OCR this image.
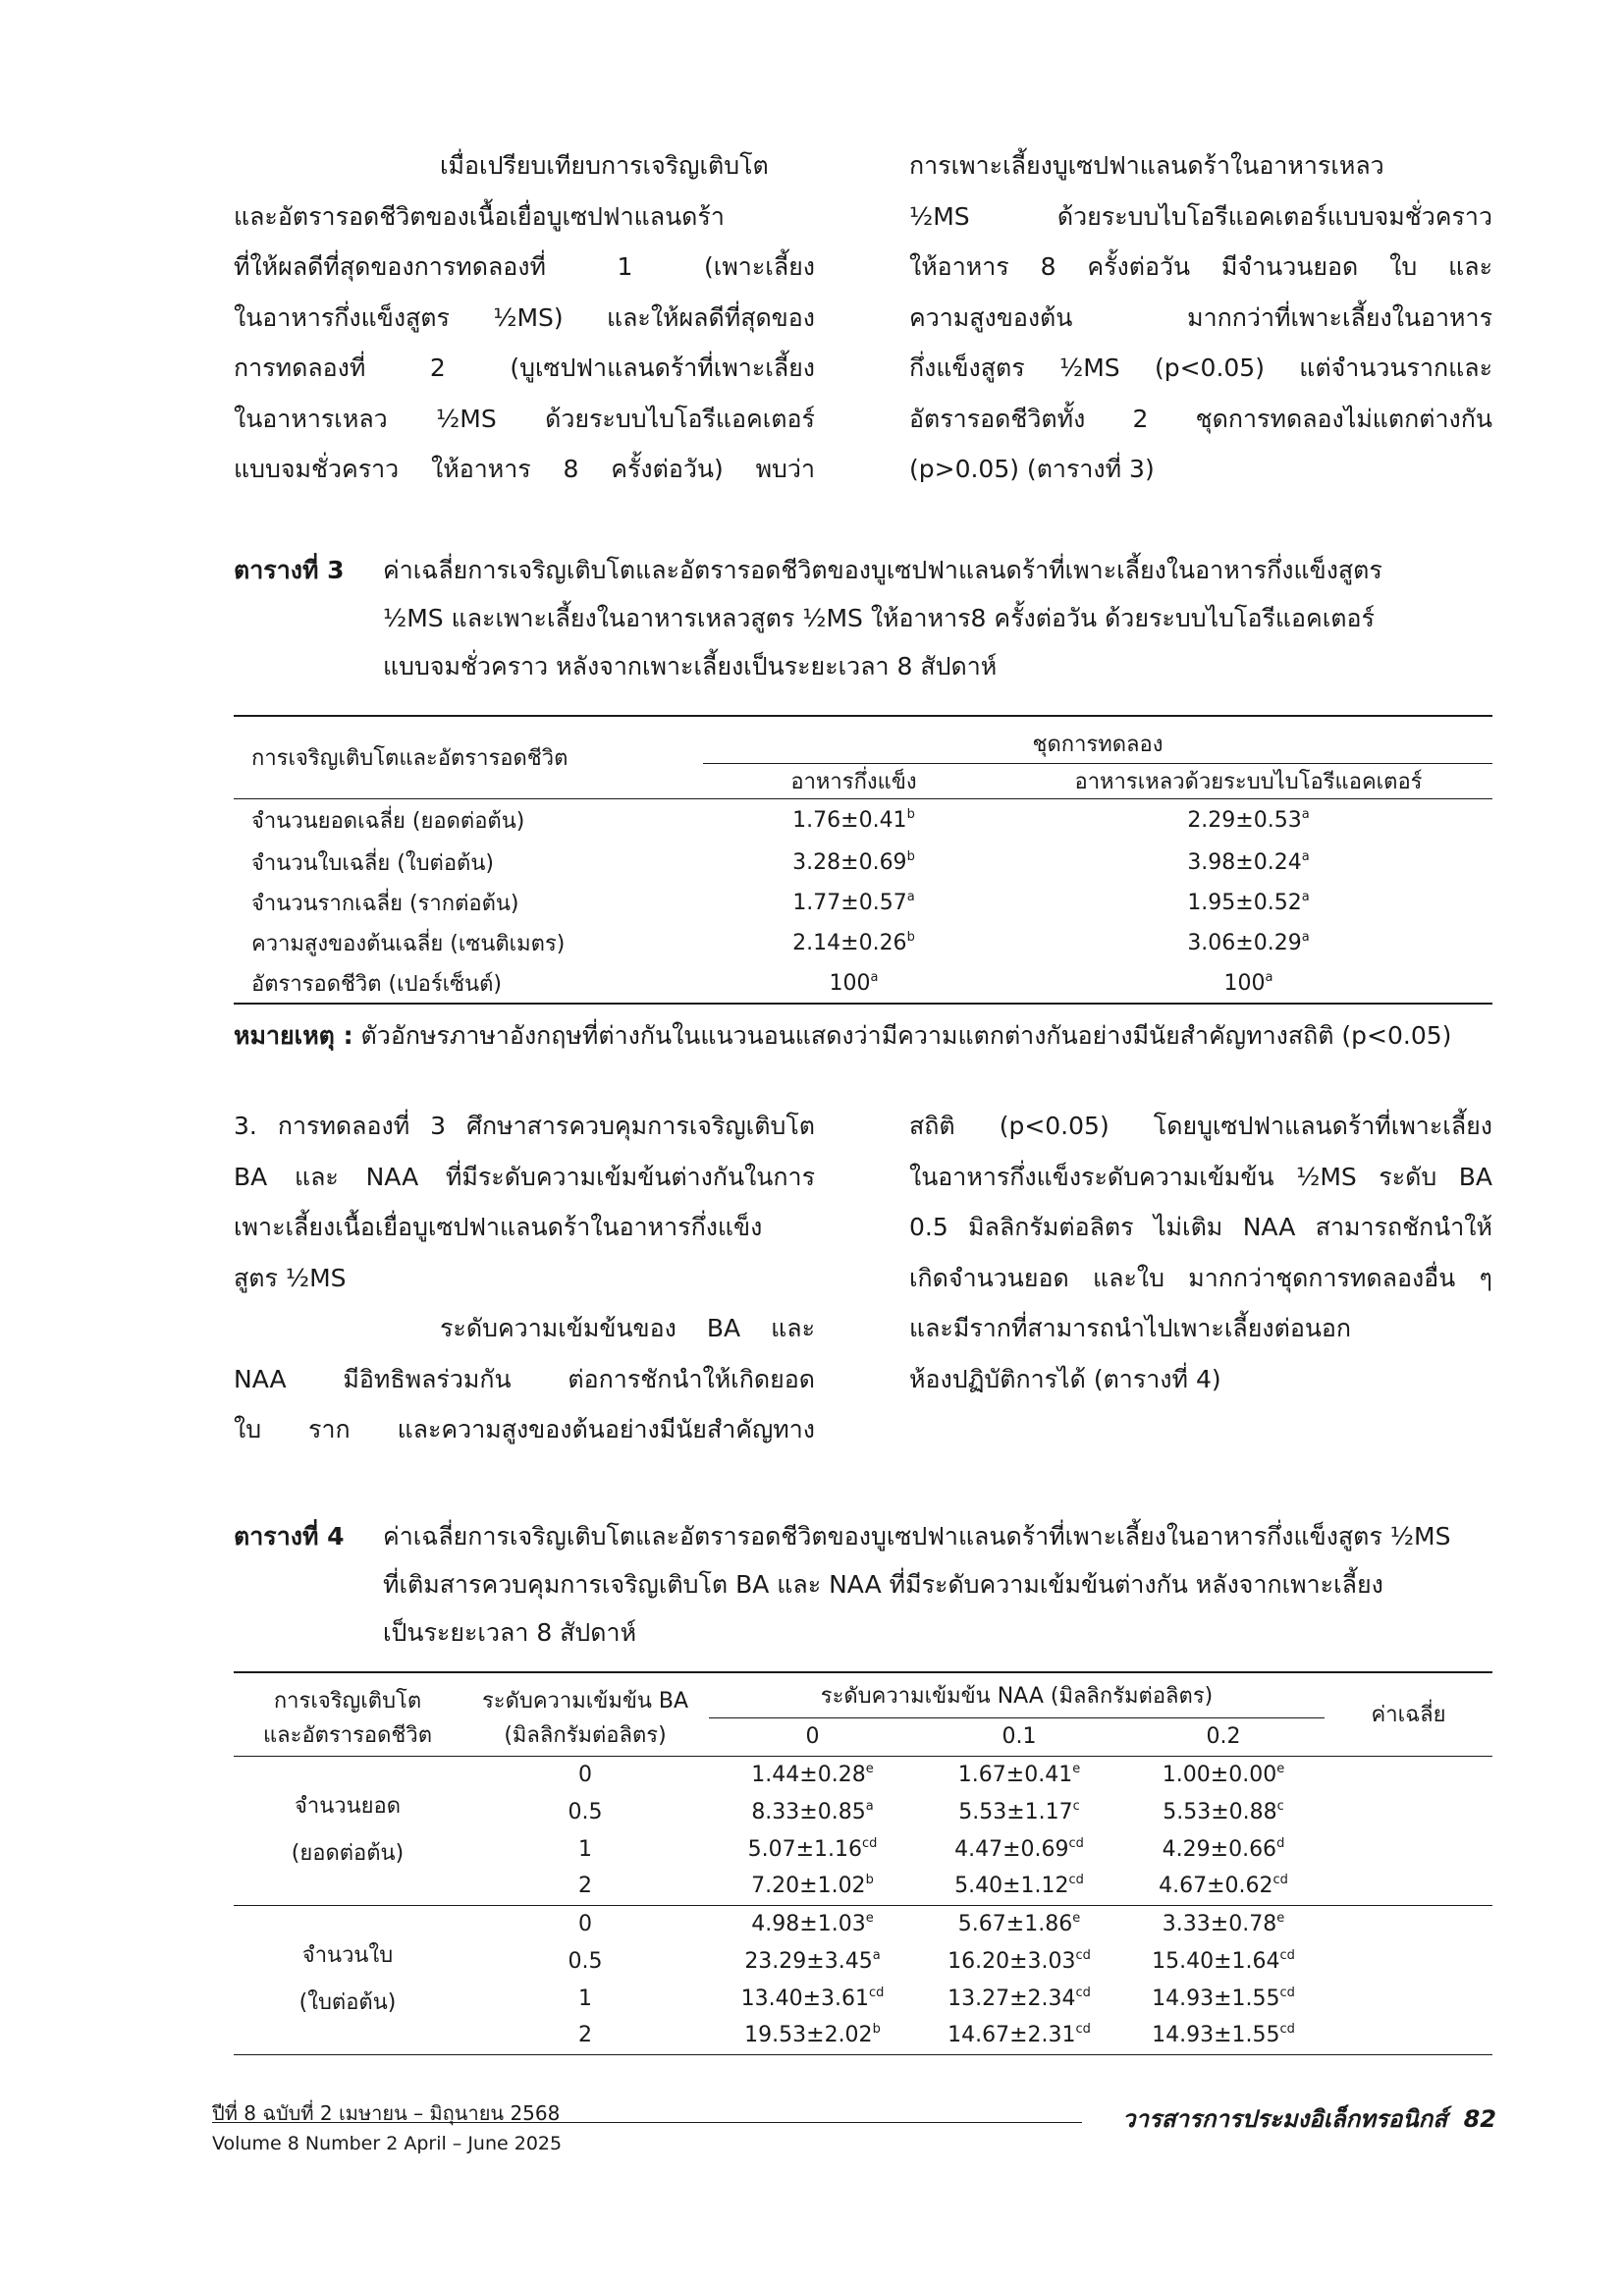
เมื่อเปรียบเทียบการเจริญเติบโต
และอัตรารอดชีวิตของเนื้อเยื่อบูเซปฟาแลนดร้า
ที่ให้ผลดีที่สุดของการทดลองที่ 1 (เพาะเลี้ยง
ในอาหารกึ่งแข็งสูตร ½MS) และให้ผลดีที่สุดของ
การทดลองที่ 2 (บูเซปฟาแลนดร้าที่เพาะเลี้ยง
ในอาหารเหลว ½MS ด้วยระบบไบโอรีแอคเตอร์
แบบจมชั่วคราว ให้อาหาร 8 ครั้งต่อวัน) พบว่า
การเพาะเลี้ยงบูเซปฟาแลนดร้าในอาหารเหลว
½MS ด้วยระบบไบโอรีแอคเตอร์แบบจมชั่วคราว
ให้อาหาร 8 ครั้งต่อวัน มีจำนวนยอด ใบ และ
ความสูงของต้น มากกว่าที่เพาะเลี้ยงในอาหาร
กึ่งแข็งสูตร ½MS (p<0.05) แต่จำนวนรากและ
อัตรารอดชีวิตทั้ง 2 ชุดการทดลองไม่แตกต่างกัน
(p>0.05) (ตารางที่ 3)
ตารางที่ 3	ค่าเฉลี่ยการเจริญเติบโตและอัตรารอดชีวิตของบูเซปฟาแลนดร้าที่เพาะเลี้ยงในอาหารกึ่งแข็งสูตร
½MS และเพาะเลี้ยงในอาหารเหลวสูตร ½MS ให้อาหาร8 ครั้งต่อวัน ด้วยระบบไบโอรีแอคเตอร์
แบบจมชั่วคราว หลังจากเพาะเลี้ยงเป็นระยะเวลา 8 สัปดาห์
การเจริญเติบโตและอัตรารอดชีวิต	ชุดการทดลอง	
	อาหารกึ่งแข็ง	อาหารเหลวด้วยระบบไบโอรีแอคเตอร์
จำนวนยอดเฉลี่ย (ยอดต่อต้น)	1.76±0.41$^b$	2.29±0.53$^a$
จำนวนใบเฉลี่ย (ใบต่อต้น)	3.28±0.69$^b$	3.98±0.24$^a$
จำนวนรากเฉลี่ย (รากต่อต้น)	1.77±0.57$^a$	1.95±0.52$^a$
ความสูงของต้นเฉลี่ย (เซนติเมตร)	2.14±0.26$^b$	3.06±0.29$^a$
อัตรารอดชีวิต (เปอร์เซ็นต์)	100$^a$	100$^a$
หมายเหตุ : ตัวอักษรภาษาอังกฤษที่ต่างกันในแนวนอนแสดงว่ามีความแตกต่างกันอย่างมีนัยสำคัญทางสถิติ (p<0.05)
3. การทดลองที่ 3 ศึกษาสารควบคุมการเจริญเติบโต
BA และ NAA ที่มีระดับความเข้มข้นต่างกันในการ
เพาะเลี้ยงเนื้อเยื่อบูเซปฟาแลนดร้าในอาหารกึ่งแข็ง
สูตร ½MS
ระดับความเข้มข้นของ BA และ
NAA มีอิทธิพลร่วมกัน ต่อการชักนำให้เกิดยอด
ใบ ราก และความสูงของต้นอย่างมีนัยสำคัญทาง
สถิติ (p<0.05) โดยบูเซปฟาแลนดร้าที่เพาะเลี้ยง
ในอาหารกึ่งแข็งระดับความเข้มข้น ½MS ระดับ BA
0.5 มิลลิกรัมต่อลิตร ไม่เติม NAA สามารถชักนำให้
เกิดจำนวนยอด และใบ มากกว่าชุดการทดลองอื่น ๆ
และมีรากที่สามารถนำไปเพาะเลี้ยงต่อนอก
ห้องปฏิบัติการได้ (ตารางที่ 4)
ตารางที่ 4	ค่าเฉลี่ยการเจริญเติบโตและอัตรารอดชีวิตของบูเซปฟาแลนดร้าที่เพาะเลี้ยงในอาหารกึ่งแข็งสูตร ½MS
ที่เติมสารควบคุมการเจริญเติบโต BA และ NAA ที่มีระดับความเข้มข้นต่างกัน หลังจากเพาะเลี้ยง
เป็นระยะเวลา 8 สัปดาห์
การเจริญเติบโต	ระดับความเข้มข้น BA	ระดับความเข้มข้น NAA (มิลลิกรัมต่อลิตร)			ค่าเฉลี่ย
และอัตรารอดชีวิต	(มิลลิกรัมต่อลิตร)	0	0.1	0.2	

จำนวนยอด
(ยอดต่อต้น)	0	1.44±0.28$^e$	1.67±0.41$^e$	1.00±0.00$^e$	
	0.5	8.33±0.85$^a$	5.53±1.17$^c$	5.53±0.88$^c$	
	1	5.07±1.16$^{cd}$	4.47±0.69$^{cd}$	4.29±0.66$^d$	
	2	7.20±1.02$^b$	5.40±1.12$^{cd}$	4.67±0.62$^{cd}$	

จำนวนใบ
(ใบต่อต้น)	0	4.98±1.03$^e$	5.67±1.86$^e$	3.33±0.78$^e$	
	0.5	23.29±3.45$^a$	16.20±3.03$^{cd}$	15.40±1.64$^{cd}$	
	1	13.40±3.61$^{cd}$	13.27±2.34$^{cd}$	14.93±1.55$^{cd}$	
	2	19.53±2.02$^b$	14.67±2.31$^{cd}$	14.93±1.55$^{cd}$	
ปีที่ 8 ฉบับที่ 2 เมษายน – มิถุนายน 2568	วารสารการประมงอิเล็กทรอนิกส์ 82
Volume 8 Number 2 April – June 2025
